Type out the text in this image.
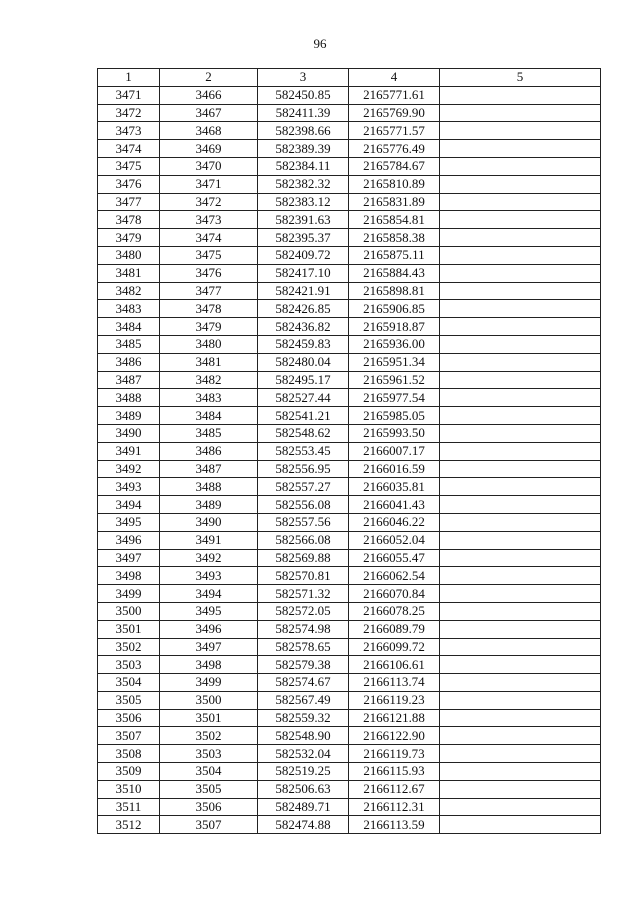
96
1	2	3	4	5
3471	3466	582450.85	2165771.61	
3472	3467	582411.39	2165769.90	
3473	3468	582398.66	2165771.57	
3474	3469	582389.39	2165776.49	
3475	3470	582384.11	2165784.67	
3476	3471	582382.32	2165810.89	
3477	3472	582383.12	2165831.89	
3478	3473	582391.63	2165854.81	
3479	3474	582395.37	2165858.38	
3480	3475	582409.72	2165875.11	
3481	3476	582417.10	2165884.43	
3482	3477	582421.91	2165898.81	
3483	3478	582426.85	2165906.85	
3484	3479	582436.82	2165918.87	
3485	3480	582459.83	2165936.00	
3486	3481	582480.04	2165951.34	
3487	3482	582495.17	2165961.52	
3488	3483	582527.44	2165977.54	
3489	3484	582541.21	2165985.05	
3490	3485	582548.62	2165993.50	
3491	3486	582553.45	2166007.17	
3492	3487	582556.95	2166016.59	
3493	3488	582557.27	2166035.81	
3494	3489	582556.08	2166041.43	
3495	3490	582557.56	2166046.22	
3496	3491	582566.08	2166052.04	
3497	3492	582569.88	2166055.47	
3498	3493	582570.81	2166062.54	
3499	3494	582571.32	2166070.84	
3500	3495	582572.05	2166078.25	
3501	3496	582574.98	2166089.79	
3502	3497	582578.65	2166099.72	
3503	3498	582579.38	2166106.61	
3504	3499	582574.67	2166113.74	
3505	3500	582567.49	2166119.23	
3506	3501	582559.32	2166121.88	
3507	3502	582548.90	2166122.90	
3508	3503	582532.04	2166119.73	
3509	3504	582519.25	2166115.93	
3510	3505	582506.63	2166112.67	
3511	3506	582489.71	2166112.31	
3512	3507	582474.88	2166113.59	
